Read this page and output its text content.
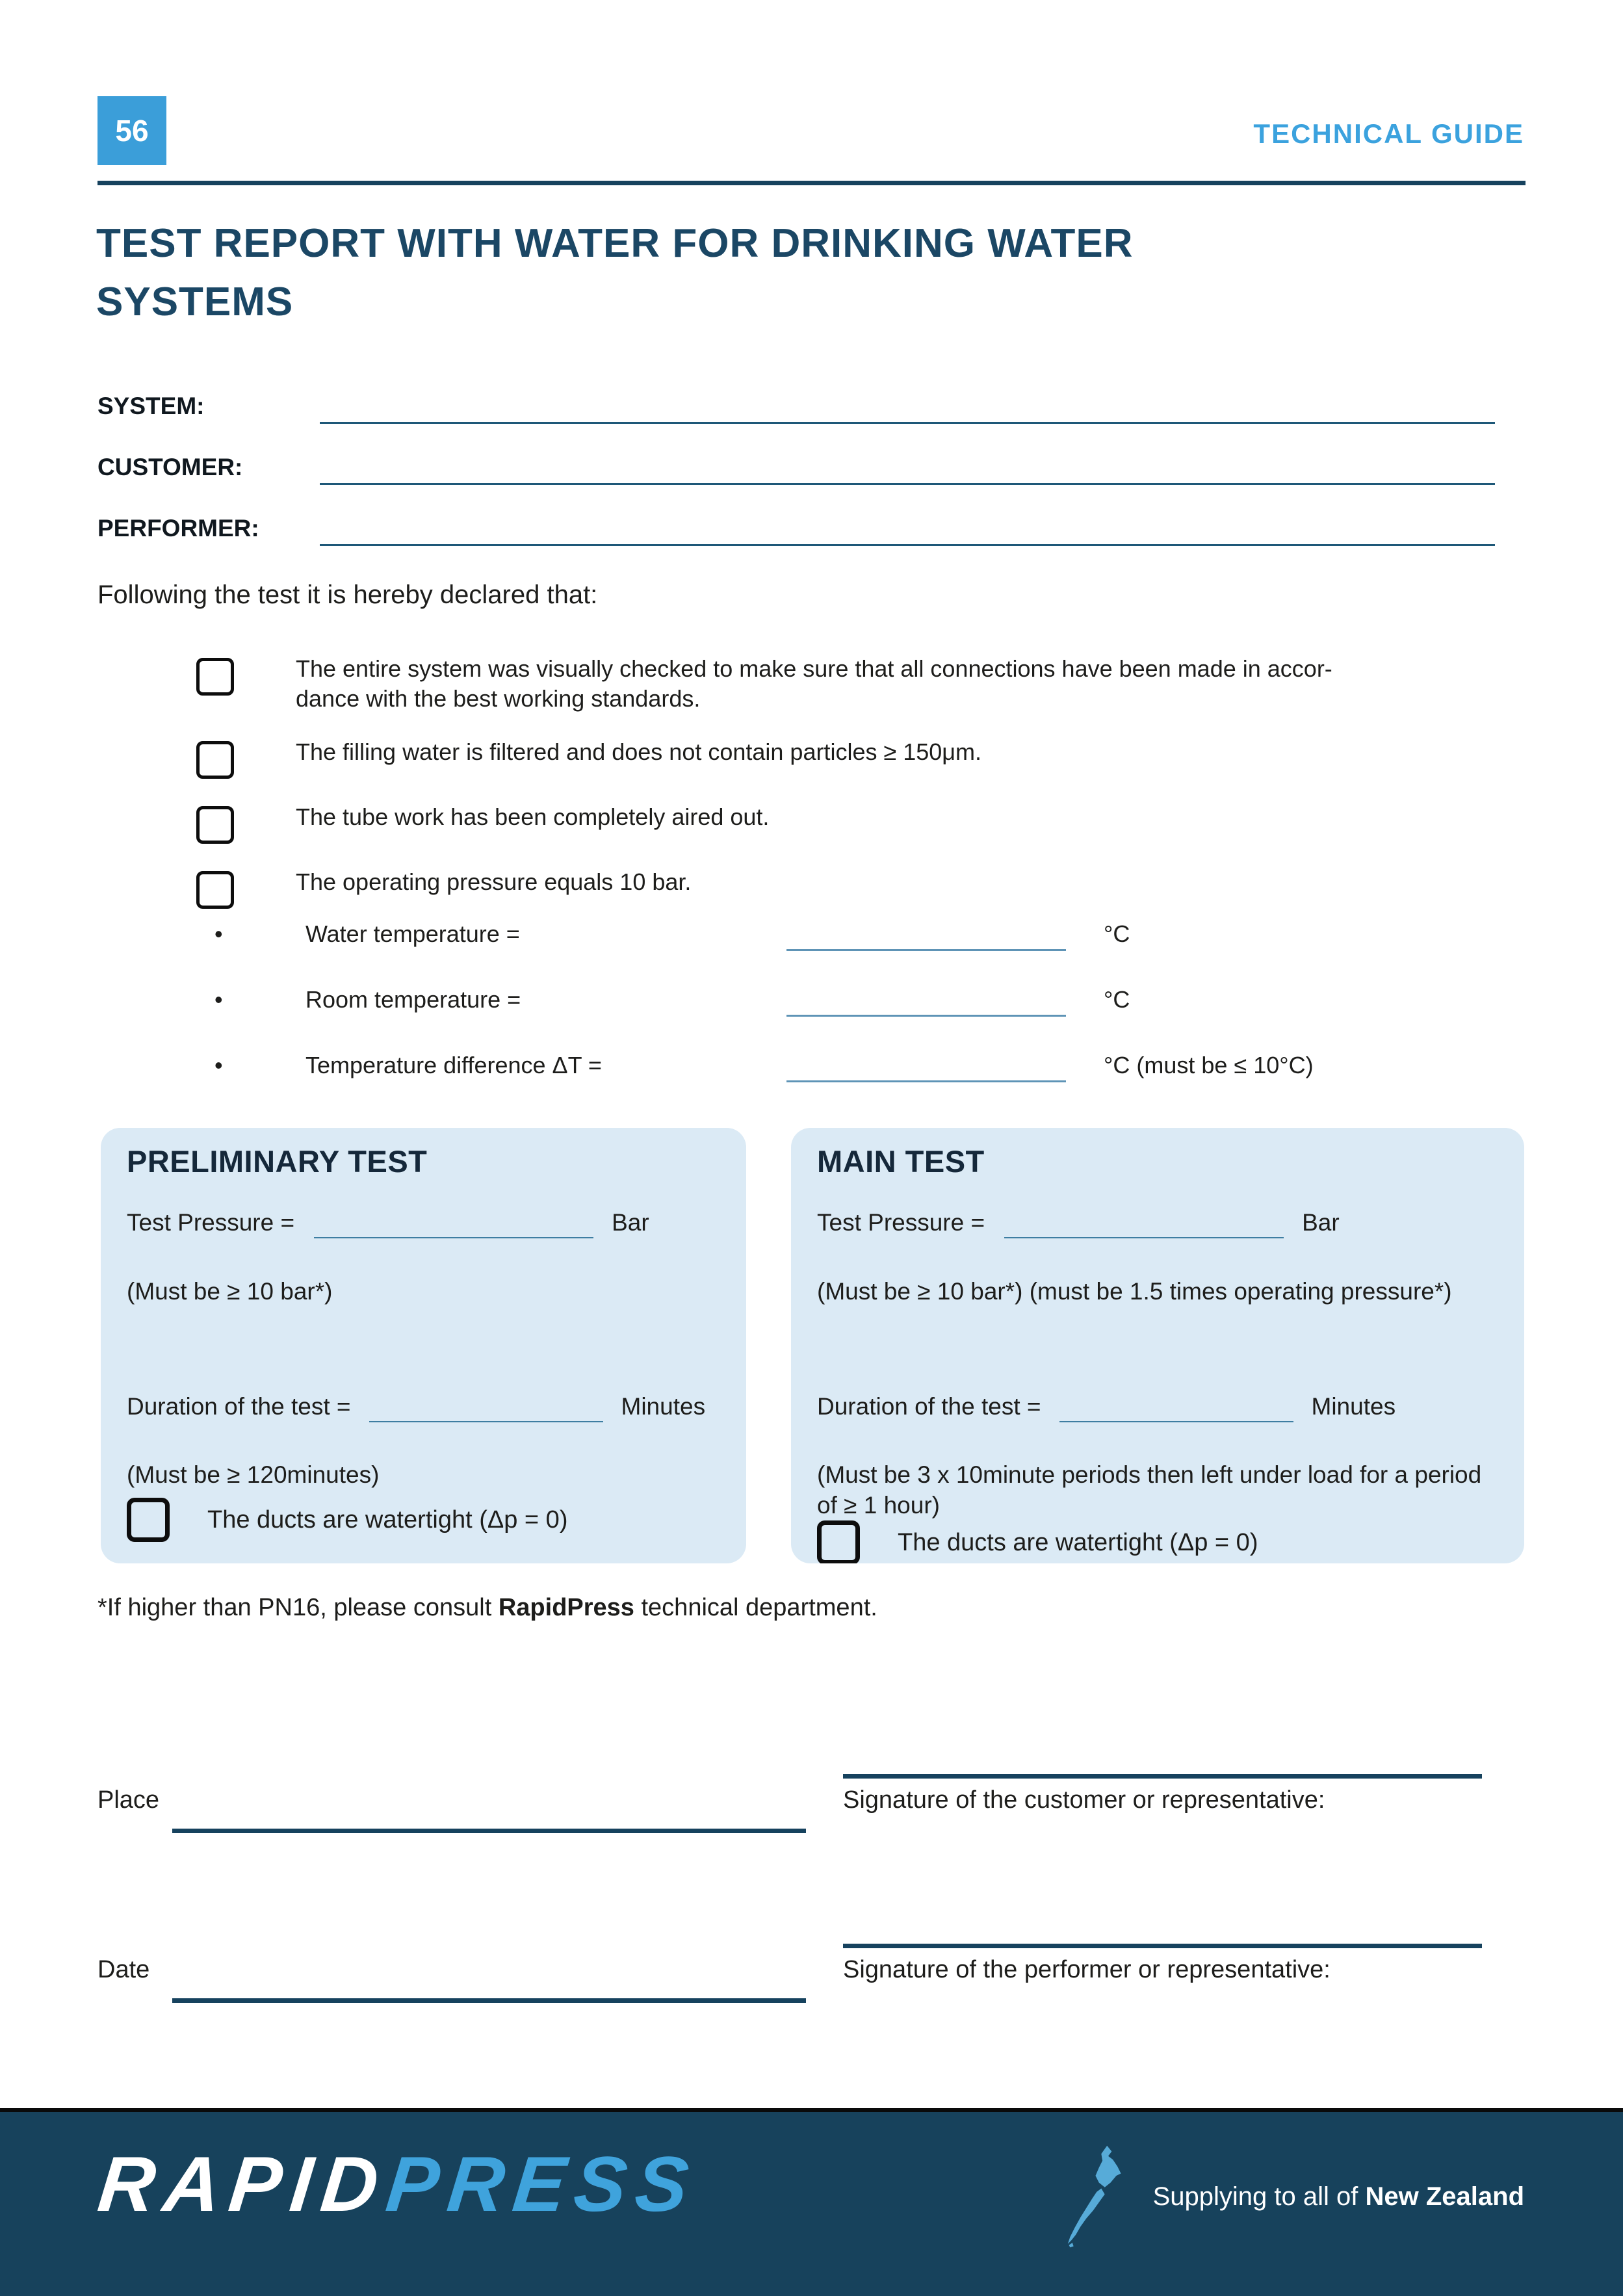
56	TECHNICAL GUIDE
TEST REPORT WITH WATER FOR DRINKING WATER
SYSTEMS
SYSTEM:
CUSTOMER:
PERFORMER:

Following the test it is hereby declared that:

The entire system was visually checked to make sure that all connections have been made in accor-
dance with the best working standards.
The filling water is filtered and does not contain particles ≥ 150μm.
The tube work has been completely aired out.
The operating pressure equals 10 bar.
•	Water temperature =	°C
•	Room temperature =	°C
•	Temperature difference ΔT =	°C (must be ≤ 10°C)
PRELIMINARY TEST
Test Pressure =	Bar

(Must be ≥ 10 bar*)

Duration of the test =	Minutes

(Must be ≥ 120minutes)

The ducts are watertight (Δp = 0)
MAIN TEST
Test Pressure =	Bar

(Must be ≥ 10 bar*) (must be 1.5 times operating pressure*)

Duration of the test =	Minutes

(Must be 3 x 10minute periods then left under load for a period of ≥ 1 hour)

The ducts are watertight (Δp = 0)

*If higher than PN16, please consult RapidPress technical department.

Signature of the customer or representative:
Place
Signature of the performer or representative:
Date
RAPIDPRESS	Supplying to all of New Zealand
